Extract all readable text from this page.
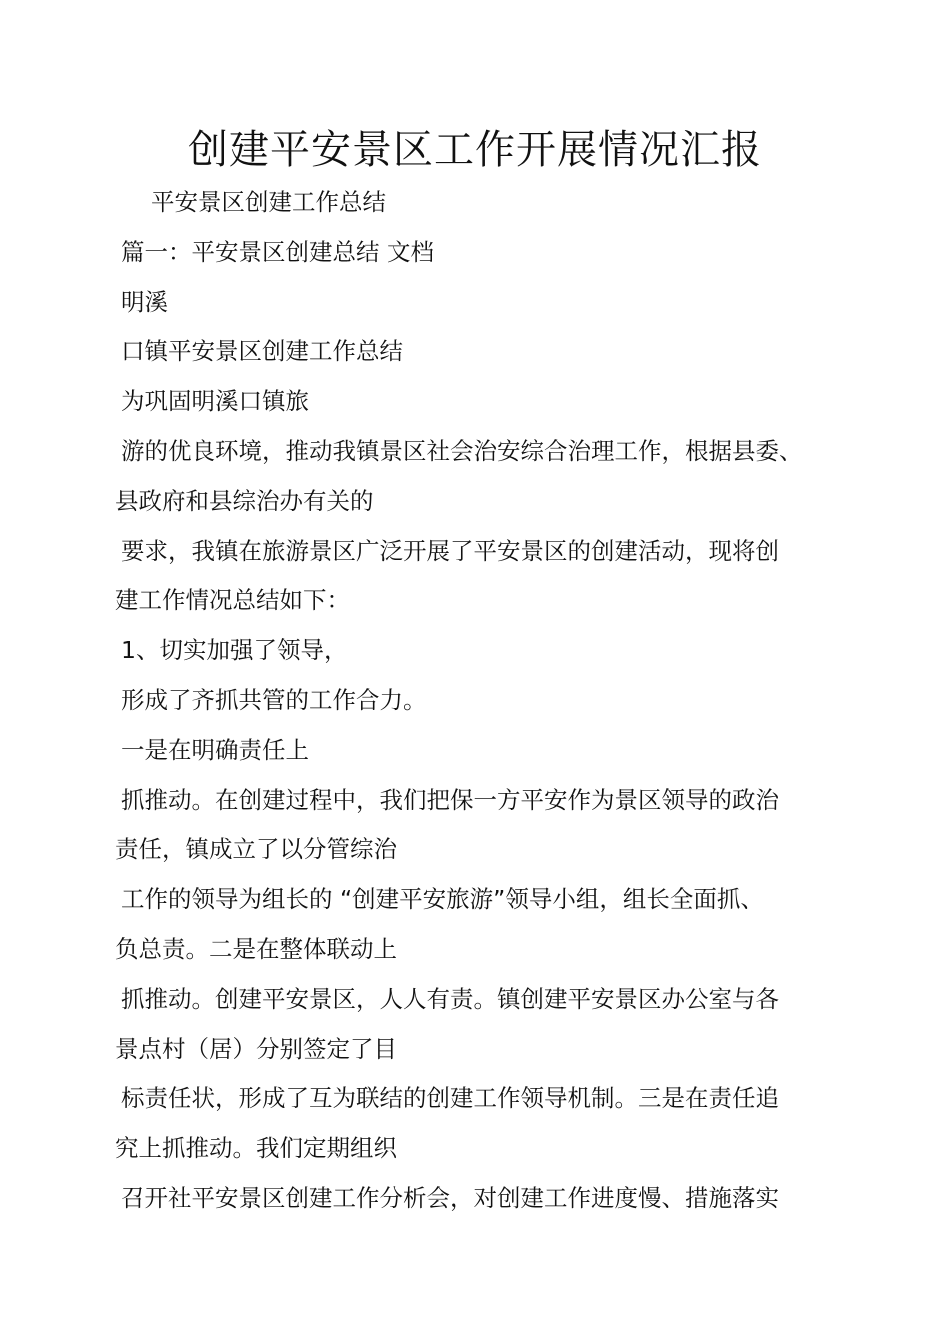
创建平安景区工作开展情况汇报
平安景区创建工作总结
篇一：平安景区创建总结 文档
明溪
口镇平安景区创建工作总结
为巩固明溪口镇旅
游的优良环境，推动我镇景区社会治安综合治理工作，根据县委、
县政府和县综治办有关的
要求，我镇在旅游景区广泛开展了平安景区的创建活动，现将创
建工作情况总结如下：
1、切实加强了领导，
形成了齐抓共管的工作合力。
一是在明确责任上
抓推动。在创建过程中，我们把保一方平安作为景区领导的政治
责任，镇成立了以分管综治
工作的领导为组长的 “创建平安旅游”领导小组，组长全面抓、
负总责。二是在整体联动上
抓推动。创建平安景区，人人有责。镇创建平安景区办公室与各
景点村（居）分别签定了目
标责任状，形成了互为联结的创建工作领导机制。三是在责任追
究上抓推动。我们定期组织
召开社平安景区创建工作分析会，对创建工作进度慢、措施落实
